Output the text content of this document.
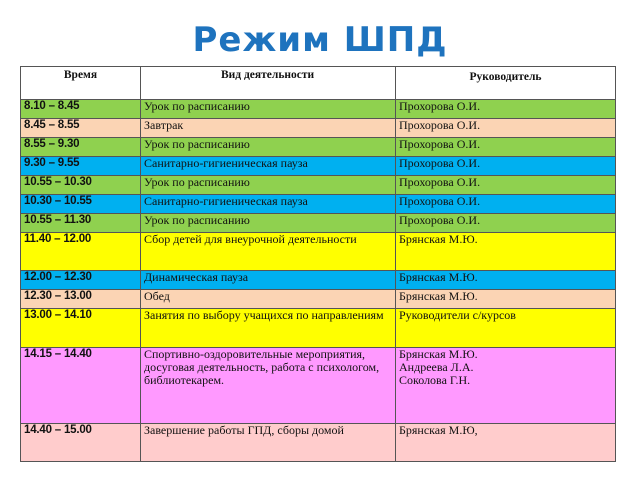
Режим ШПД
Время	Вид деятельности	Руководитель

8.10 – 8.45	Урок по расписанию	Прохорова О.И.
8.45 – 8.55	Завтрак	Прохорова О.И.
8.55 – 9.30	Урок по расписанию	Прохорова О.И.
9.30 – 9.55	Санитарно-гигиеническая пауза	Прохорова О.И.
10.55 – 10.30	Урок по расписанию	Прохорова О.И.
10.30 – 10.55	Санитарно-гигиеническая пауза	Прохорова О.И.
10.55 – 11.30	Урок по расписанию	Прохорова О.И.
11.40 – 12.00	Сбор детей для внеурочной деятельности	Брянская М.Ю.
12.00 – 12.30	Динамическая пауза	Брянская М.Ю.
12.30 – 13.00	Обед	Брянская М.Ю.
13.00 – 14.10	Занятия по выбору учащихся по направлениям	Руководители с/курсов
14.15 – 14.40	Спортивно-оздоровительные мероприятия, досуговая деятельность, работа с психологом, библиотекарем.	Брянская М.Ю.
Андреева Л.А.
Соколова Г.Н.

14.40 – 15.00	Завершение работы ГПД, сборы домой	Брянская М.Ю,
